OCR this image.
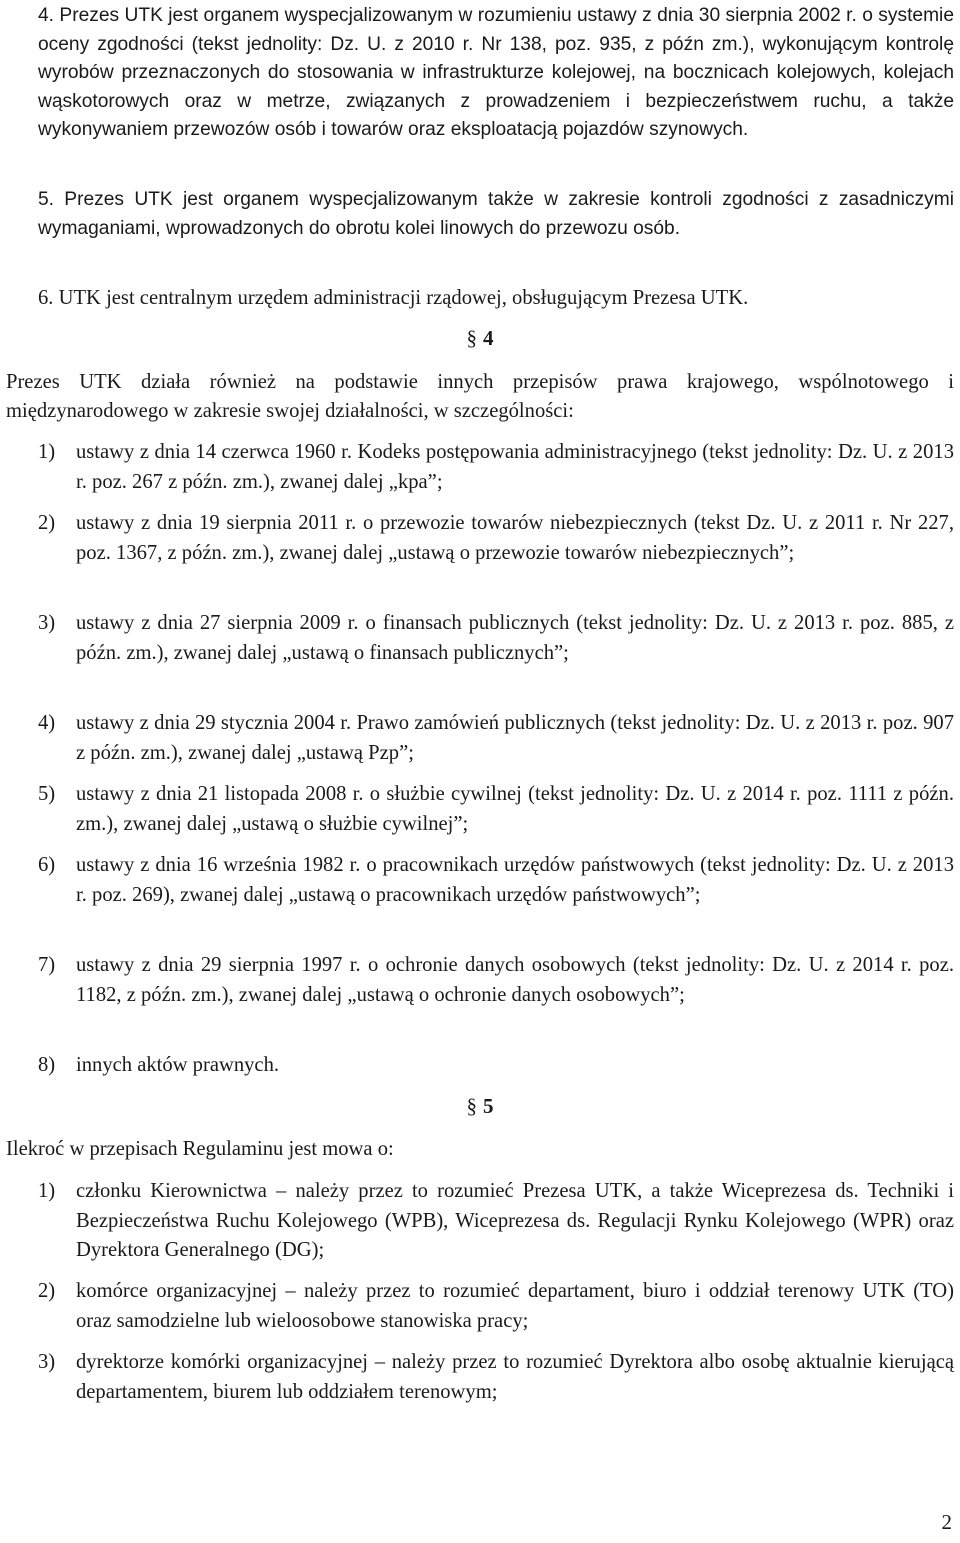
4. Prezes UTK jest organem wyspecjalizowanym w rozumieniu ustawy z dnia 30 sierpnia 2002 r. o systemie oceny zgodności (tekst jednolity: Dz. U. z 2010 r. Nr 138, poz. 935, z późn zm.), wykonującym kontrolę wyrobów przeznaczonych do stosowania w infrastrukturze kolejowej, na bocznicach kolejowych, kolejach wąskotorowych oraz w metrze, związanych z prowadzeniem i bezpieczeństwem ruchu, a także wykonywaniem przewozów osób i towarów oraz eksploatacją pojazdów szynowych.

5. Prezes UTK jest organem wyspecjalizowanym także w zakresie kontroli zgodności z zasadniczymi wymaganiami, wprowadzonych do obrotu kolei linowych do przewozu osób.

6. UTK jest centralnym urzędem administracji rządowej, obsługującym Prezesa UTK.

§ 4

Prezes UTK działa również na podstawie innych przepisów prawa krajowego, wspólnotowego i międzynarodowego w zakresie swojej działalności, w szczególności:

1) ustawy z dnia 14 czerwca 1960 r. Kodeks postępowania administracyjnego (tekst jednolity: Dz. U. z 2013 r. poz. 267 z późn. zm.), zwanej dalej „kpa”;
2) ustawy z dnia 19 sierpnia 2011 r. o przewozie towarów niebezpiecznych (tekst Dz. U. z 2011 r. Nr 227, poz. 1367, z późn. zm.), zwanej dalej „ustawą o przewozie towarów niebezpiecznych”;
3) ustawy z dnia 27 sierpnia 2009 r. o finansach publicznych (tekst jednolity: Dz. U. z 2013 r. poz. 885, z późn. zm.), zwanej dalej „ustawą o finansach publicznych”;
4) ustawy z dnia 29 stycznia 2004 r. Prawo zamówień publicznych (tekst jednolity: Dz. U. z 2013 r. poz. 907 z późn. zm.), zwanej dalej „ustawą Pzp”;
5) ustawy z dnia 21 listopada 2008 r. o służbie cywilnej (tekst jednolity: Dz. U. z 2014 r. poz. 1111 z późn. zm.), zwanej dalej „ustawą o służbie cywilnej”;
6) ustawy z dnia 16 września 1982 r. o pracownikach urzędów państwowych (tekst jednolity: Dz. U. z 2013 r. poz. 269), zwanej dalej „ustawą o pracownikach urzędów państwowych”;
7) ustawy z dnia 29 sierpnia 1997 r. o ochronie danych osobowych (tekst jednolity: Dz. U. z 2014 r. poz. 1182, z późn. zm.), zwanej dalej „ustawą o ochronie danych osobowych”;
8) innych aktów prawnych.
§ 5

Ilekroć w przepisach Regulaminu jest mowa o:

1) członku Kierownictwa – należy przez to rozumieć Prezesa UTK, a także Wiceprezesa ds. Techniki i Bezpieczeństwa Ruchu Kolejowego (WPB), Wiceprezesa ds. Regulacji Rynku Kolejowego (WPR) oraz Dyrektora Generalnego (DG);
2) komórce organizacyjnej – należy przez to rozumieć departament, biuro i oddział terenowy UTK (TO) oraz samodzielne lub wieloosobowe stanowiska pracy;
3) dyrektorze komórki organizacyjnej – należy przez to rozumieć Dyrektora albo osobę aktualnie kierującą departamentem, biurem lub oddziałem terenowym;
2
